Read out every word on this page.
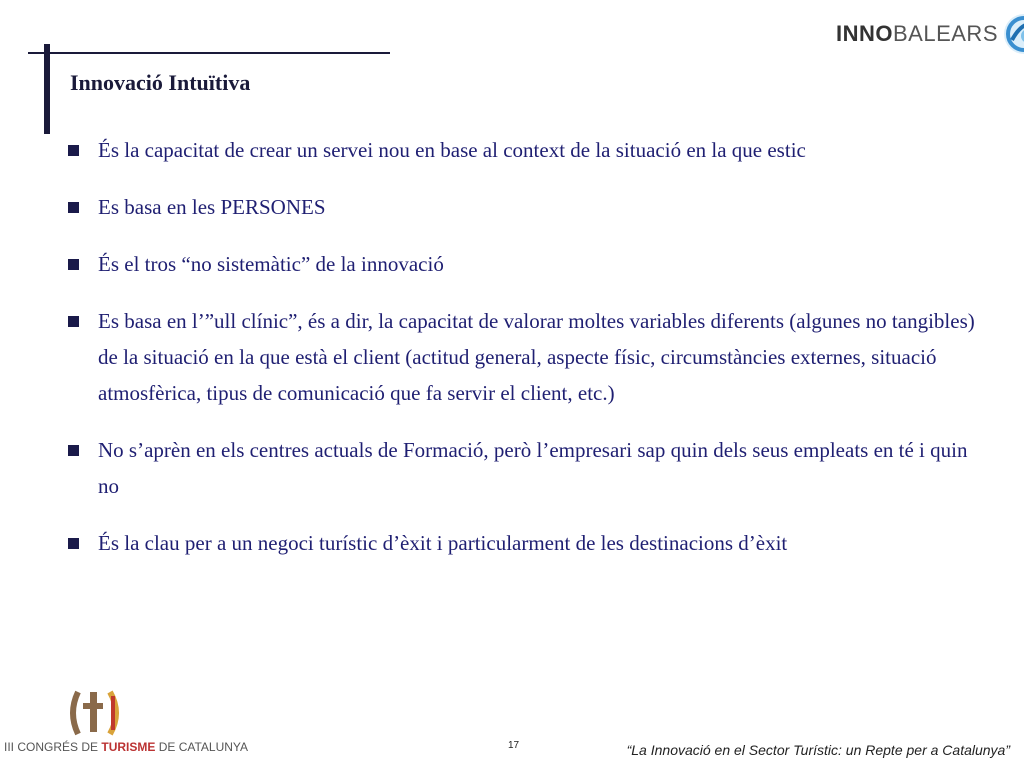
Innovació Intuïtiva
INNOBALEARS
És la capacitat de crear un servei nou en base al context de la situació en la que estic
Es basa en les PERSONES
És el tros “no sistemàtic” de la innovació
Es basa en l’”ull clínic”, és a dir, la capacitat de valorar moltes variables diferents (algunes no tangibles) de la situació en la que està el client (actitud general, aspecte físic, circumstàncies externes, situació atmosfèrica, tipus de comunicació que fa servir el client, etc.)
No s’aprèn en els centres actuals de Formació, però l’empresari sap quin dels seus empleats en té i quin no
És la clau per a un negoci turístic d’èxit i particularment de les destinacions d’èxit
III CONGRÉS DE TURISME DE CATALUNYA	17	“La Innovació en el Sector Turístic: un Repte per a Catalunya”
